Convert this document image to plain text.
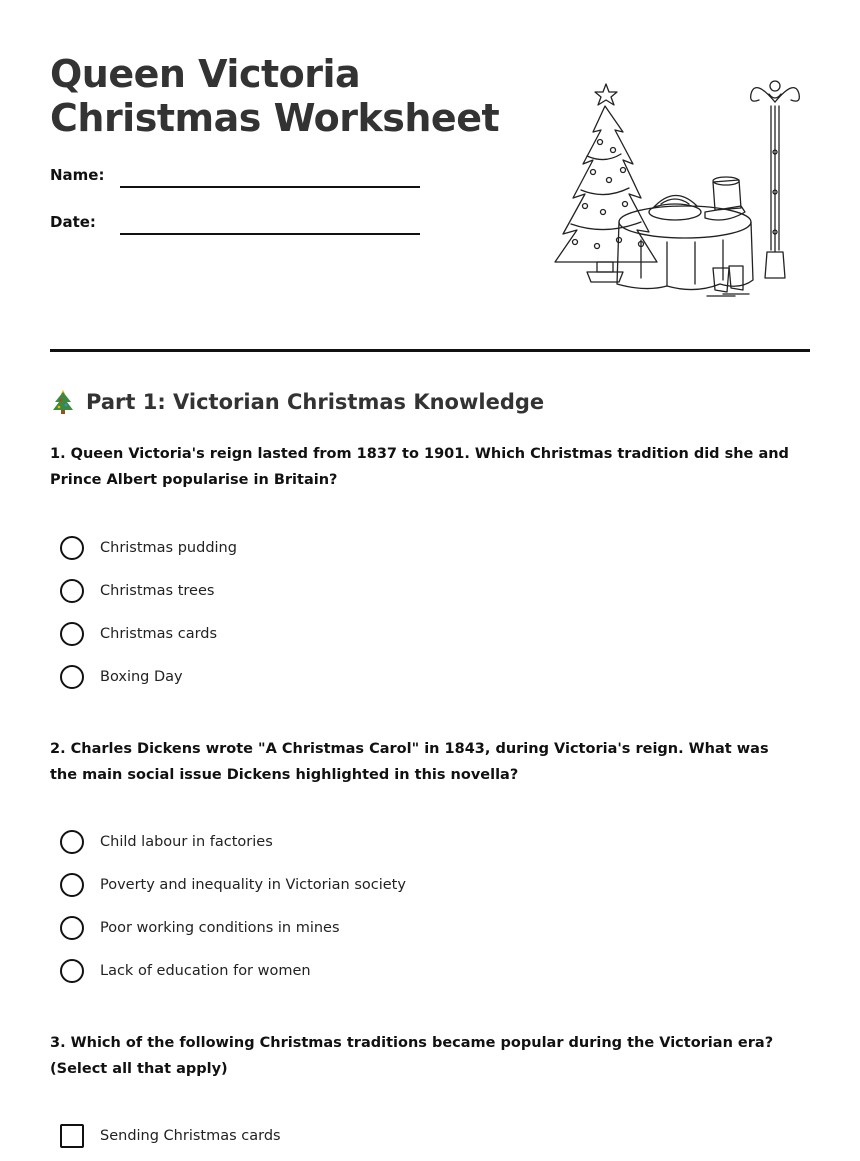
Queen Victoria
Christmas Worksheet
Name:
Date:
Part 1: Victorian Christmas Knowledge

1. Queen Victoria's reign lasted from 1837 to 1901. Which Christmas tradition did she and Prince Albert popularise in Britain?

Christmas pudding
Christmas trees
Christmas cards
Boxing Day

2. Charles Dickens wrote "A Christmas Carol" in 1843, during Victoria's reign. What was the main social issue Dickens highlighted in this novella?

Child labour in factories
Poverty and inequality in Victorian society
Poor working conditions in mines
Lack of education for women

3. Which of the following Christmas traditions became popular during the Victorian era? (Select all that apply)

Sending Christmas cards
